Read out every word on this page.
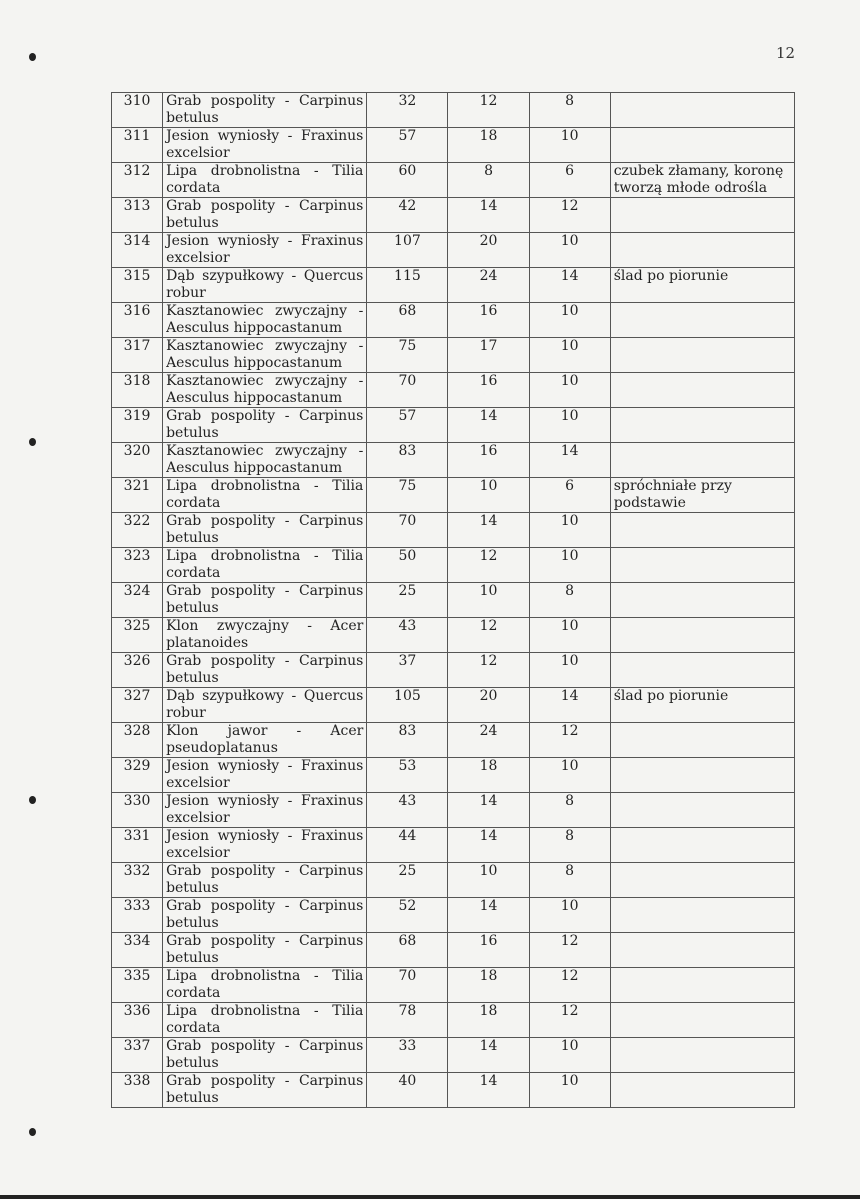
12
310	Grab pospolity - Carpinus betulus	32	12	8	
311	Jesion wyniosły - Fraxinus excelsior	57	18	10	
312	Lipa drobnolistna - Tilia cordata	60	8	6	czubek złamany, koronę tworzą młode odrośla
313	Grab pospolity - Carpinus betulus	42	14	12	
314	Jesion wyniosły - Fraxinus excelsior	107	20	10	
315	Dąb szypułkowy - Quercus robur	115	24	14	ślad po piorunie
316	Kasztanowiec zwyczajny - Aesculus hippocastanum	68	16	10	
317	Kasztanowiec zwyczajny - Aesculus hippocastanum	75	17	10	
318	Kasztanowiec zwyczajny - Aesculus hippocastanum	70	16	10	
319	Grab pospolity - Carpinus betulus	57	14	10	
320	Kasztanowiec zwyczajny - Aesculus hippocastanum	83	16	14	
321	Lipa drobnolistna - Tilia cordata	75	10	6	spróchniałe przy podstawie
322	Grab pospolity - Carpinus betulus	70	14	10	
323	Lipa drobnolistna - Tilia cordata	50	12	10	
324	Grab pospolity - Carpinus betulus	25	10	8	
325	Klon zwyczajny - Acer platanoides	43	12	10	
326	Grab pospolity - Carpinus betulus	37	12	10	
327	Dąb szypułkowy - Quercus robur	105	20	14	ślad po piorunie
328	Klon jawor - Acer pseudoplatanus	83	24	12	
329	Jesion wyniosły - Fraxinus excelsior	53	18	10	
330	Jesion wyniosły - Fraxinus excelsior	43	14	8	
331	Jesion wyniosły - Fraxinus excelsior	44	14	8	
332	Grab pospolity - Carpinus betulus	25	10	8	
333	Grab pospolity - Carpinus betulus	52	14	10	
334	Grab pospolity - Carpinus betulus	68	16	12	
335	Lipa drobnolistna - Tilia cordata	70	18	12	
336	Lipa drobnolistna - Tilia cordata	78	18	12	
337	Grab pospolity - Carpinus betulus	33	14	10	
338	Grab pospolity - Carpinus betulus	40	14	10	
